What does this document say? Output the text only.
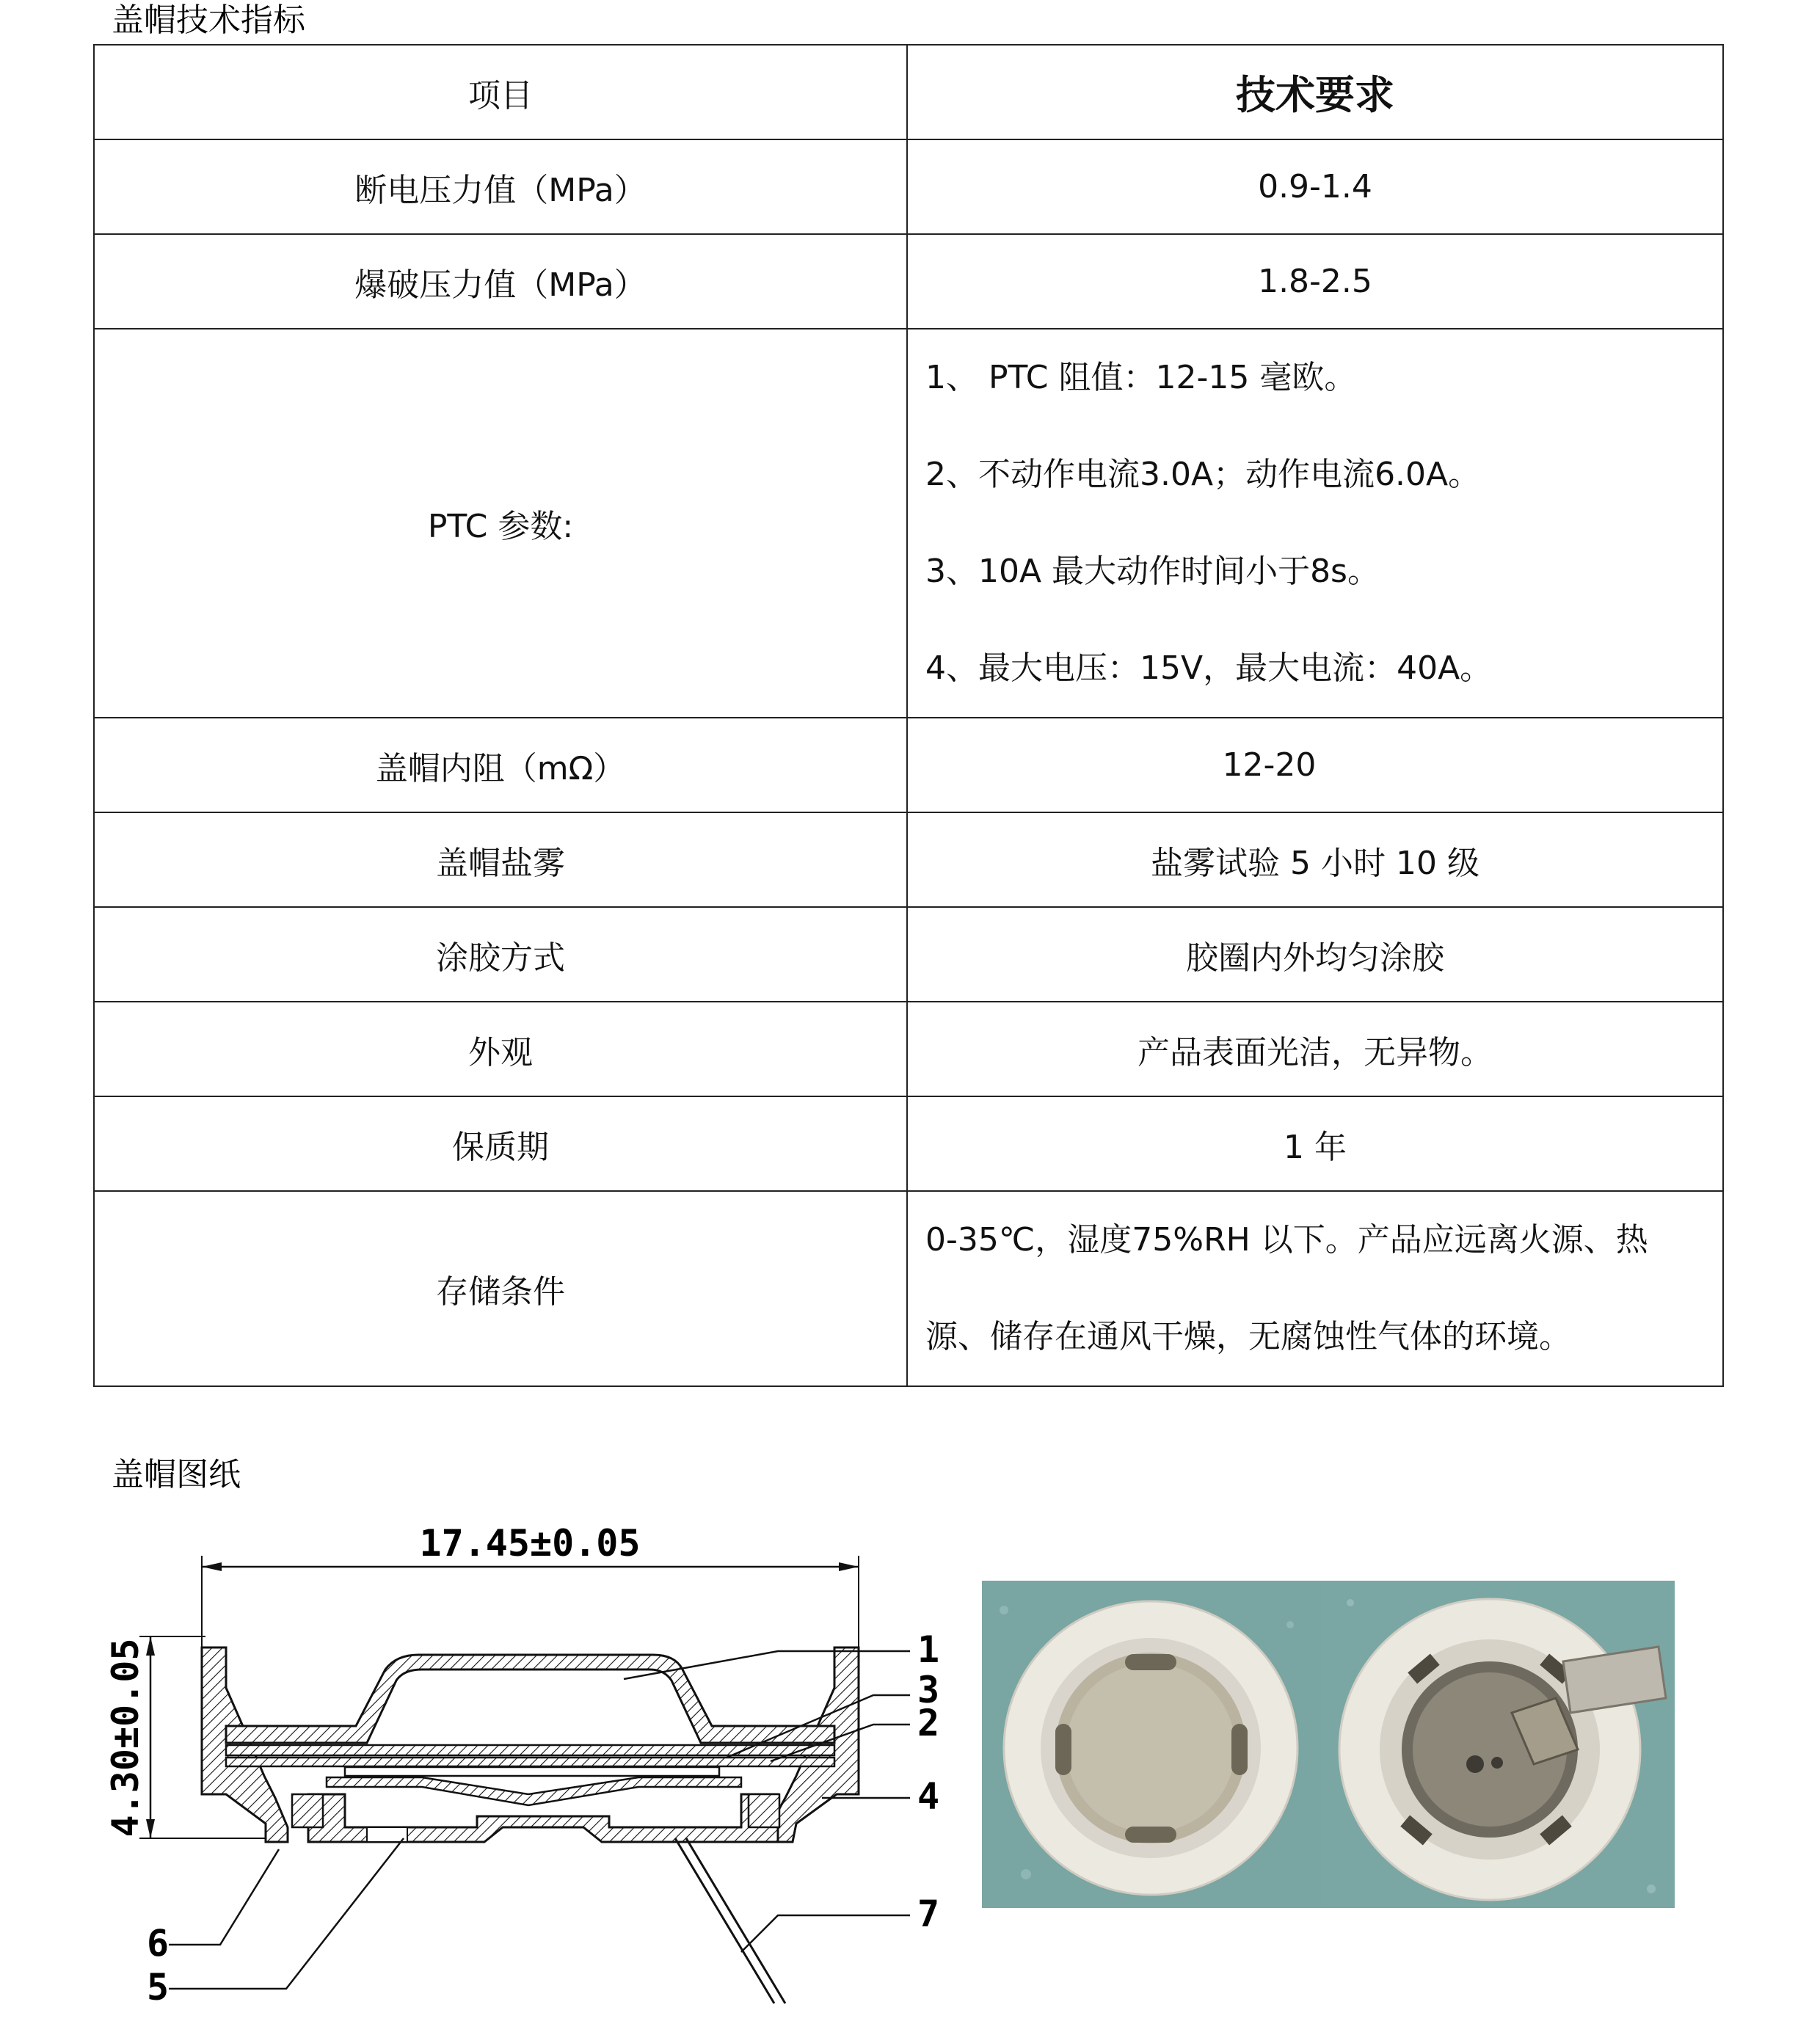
盖帽技术指标
项目	技术要求
断电压力值（MPa）	0.9-1.4
爆破压力值（MPa）	1.8-2.5
PTC 参数:	1、 PTC 阻值：12-15 毫欧。
2、不动作电流3.0A；动作电流6.0A。
3、10A 最大动作时间小于8s。
4、最大电压：15V，最大电流：40A。

盖帽内阻（mΩ）	12-20
盖帽盐雾	盐雾试验 5 小时 10 级
涂胶方式	胶圈内外均匀涂胶
外观	产品表面光洁，无异物。
保质期	1 年
存储条件	0-35℃，湿度75%RH 以下。产品应远离火源、热
源、储存在通风干燥，无腐蚀性气体的环境。
盖帽图纸
17.45±0.05
4.30±0.05	1
2
3
4
5
6
7
